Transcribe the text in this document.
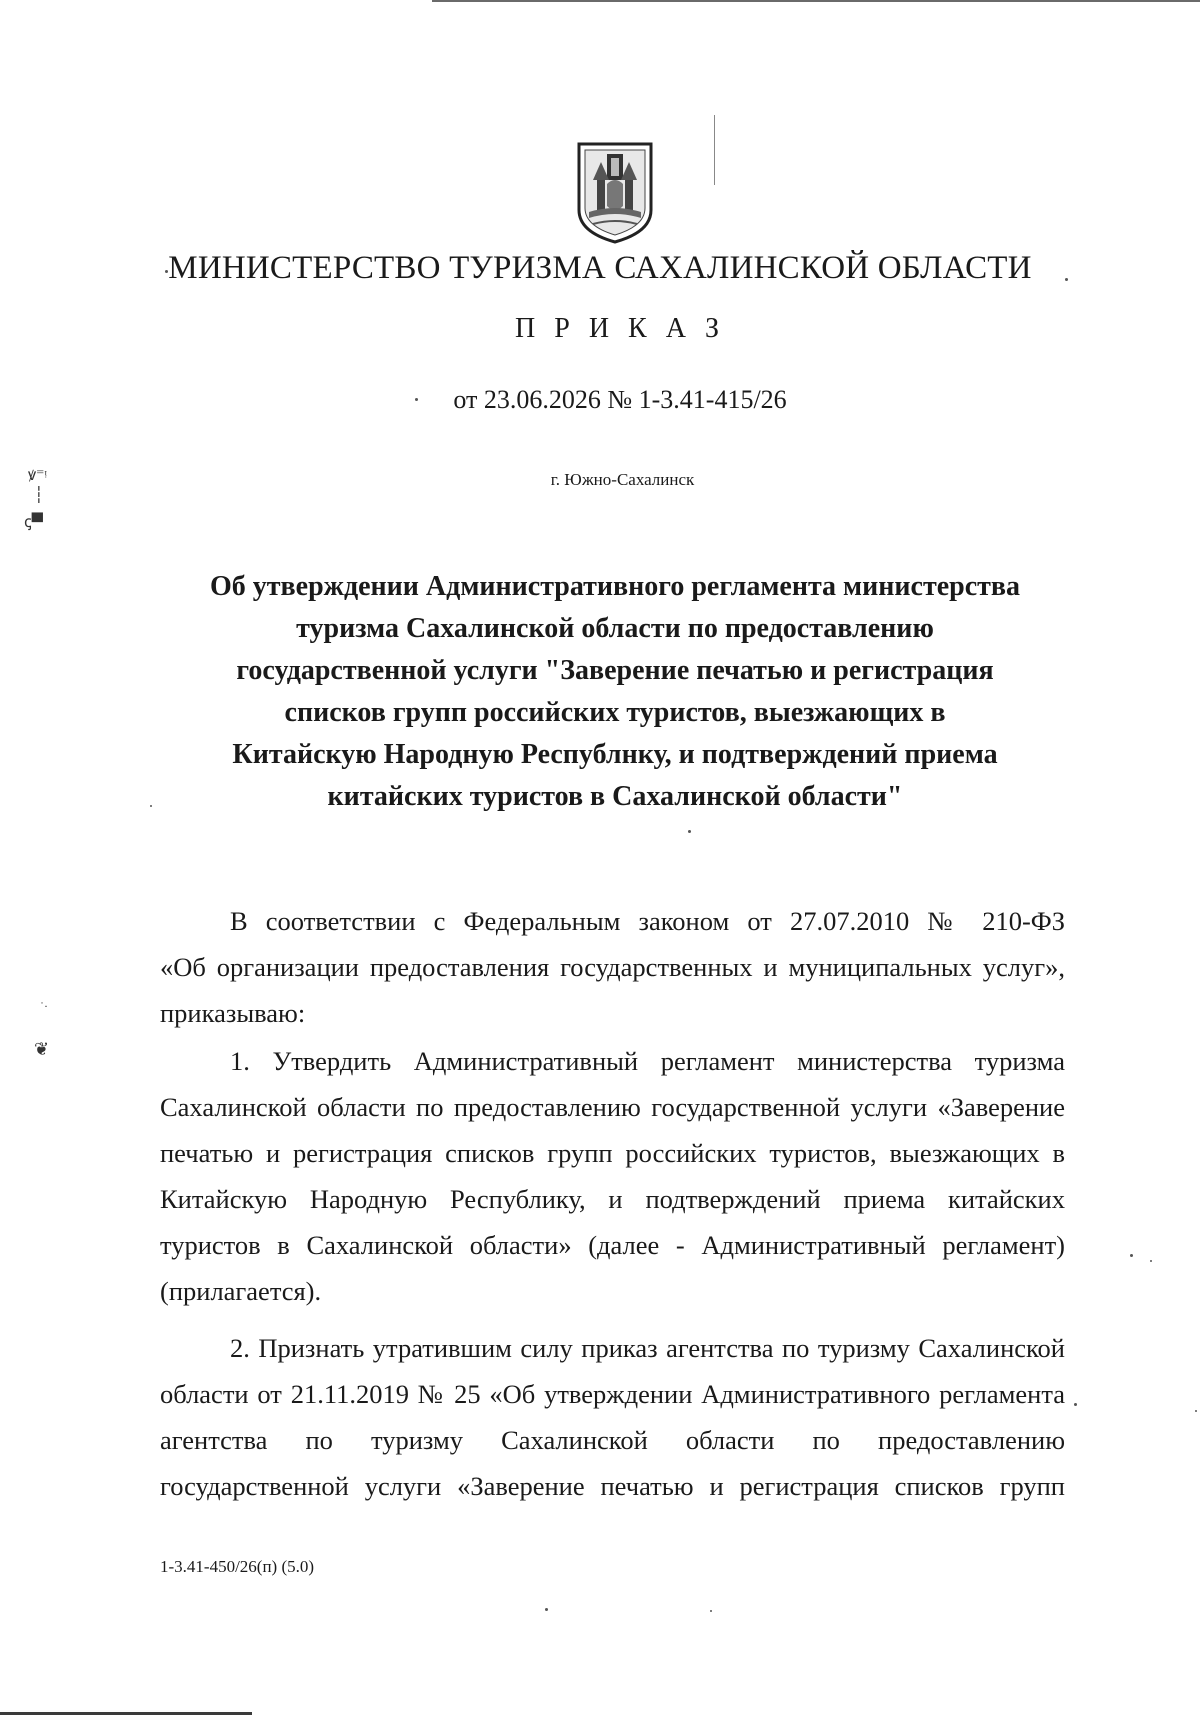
ꝟ⁼ᵎ
┆
ꞔ▀
˙·
❦
МИНИСТЕРСТВО ТУРИЗМА САХАЛИНСКОЙ ОБЛАСТИ
П Р И К А З
от 23.06.2026 № 1-3.41-415/26
г. Южно-Сахалинск
Об утверждении Административного регламента министерства
туризма Сахалинской области по предоставлению
государственной услуги "Заверение печатью и регистрация
списков групп российских туристов, выезжающих в
Китайскую Народную Республнку, и подтверждений приема
китайских туристов в Сахалинской области"
В соответствии с Федеральным законом от 27.07.2010 № 210-ФЗ
«Об организации предоставления государственных и муниципальных услуг»,
приказываю:
1. Утвердить Административный регламент министерства туризма
Сахалинской области по предоставлению государственной услуги «Заверение
печатью и регистрация списков групп российских туристов, выезжающих в
Китайскую Народную Республику, и подтверждений приема китайских
туристов в Сахалинской области» (далее - Административный регламент)
(прилагается).
2. Признать утратившим силу приказ агентства по туризму Сахалинской
области от 21.11.2019 № 25 «Об утверждении Административного регламента
агентства по туризму Сахалинской области по предоставлению
государственной услуги «Заверение печатью и регистрация списков групп
1-3.41-450/26(п) (5.0)
